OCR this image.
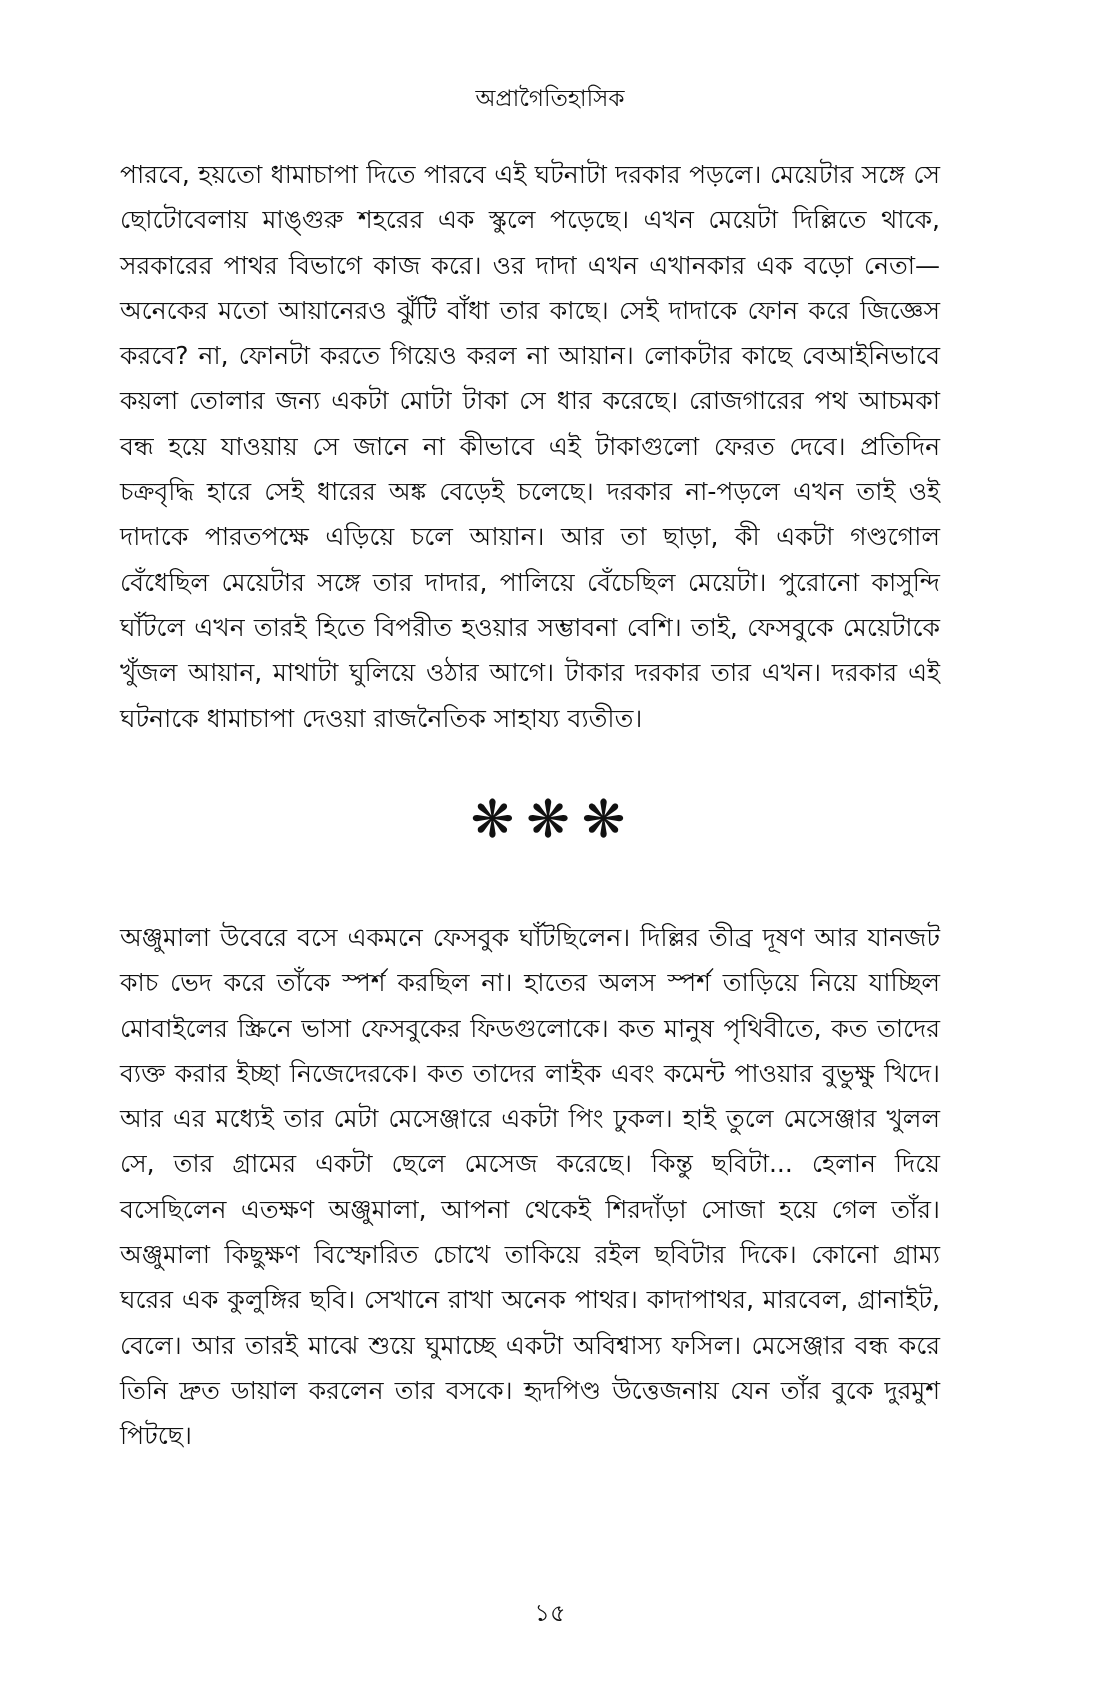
অপ্রাগৈতিহাসিক

পারবে, হয়তো ধামাচাপা দিতে পারবে এই ঘটনাটা দরকার পড়লে। মেয়েটার সঙ্গে সে ছোটোবেলায় মাঙ্গুরু শহরের এক স্কুলে পড়েছে। এখন মেয়েটা দিল্লিতে থাকে, সরকারের পাথর বিভাগে কাজ করে। ওর দাদা এখন এখানকার এক বড়ো নেতা—অনেকের মতো আয়ানেরও ঝুঁটি বাঁধা তার কাছে। সেই দাদাকে ফোন করে জিজ্ঞেস করবে? না, ফোনটা করতে গিয়েও করল না আয়ান। লোকটার কাছে বেআইনিভাবে কয়লা তোলার জন্য একটা মোটা টাকা সে ধার করেছে। রোজগারের পথ আচমকা বন্ধ হয়ে যাওয়ায় সে জানে না কীভাবে এই টাকাগুলো ফেরত দেবে। প্রতিদিন চক্রবৃদ্ধি হারে সেই ধারের অঙ্ক বেড়েই চলেছে। দরকার না-পড়লে এখন তাই ওই দাদাকে পারতপক্ষে এড়িয়ে চলে আয়ান। আর তা ছাড়া, কী একটা গণ্ডগোল বেঁধেছিল মেয়েটার সঙ্গে তার দাদার, পালিয়ে বেঁচেছিল মেয়েটা। পুরোনো কাসুন্দি ঘাঁটলে এখন তারই হিতে বিপরীত হওয়ার সম্ভাবনা বেশি। তাই, ফেসবুকে মেয়েটাকে খুঁজল আয়ান, মাথাটা ঘুলিয়ে ওঠার আগে। টাকার দরকার তার এখন। দরকার এই ঘটনাকে ধামাচাপা দেওয়া রাজনৈতিক সাহায্য ব্যতীত।

❋ ❋ ❋

অঞ্জুমালা উবেরে বসে একমনে ফেসবুক ঘাঁটছিলেন। দিল্লির তীব্র দূষণ আর যানজট কাচ ভেদ করে তাঁকে স্পর্শ করছিল না। হাতের অলস স্পর্শ তাড়িয়ে নিয়ে যাচ্ছিল মোবাইলের স্ক্রিনে ভাসা ফেসবুকের ফিডগুলোকে। কত মানুষ পৃথিবীতে, কত তাদের ব্যক্ত করার ইচ্ছা নিজেদেরকে। কত তাদের লাইক এবং কমেন্ট পাওয়ার বুভুক্ষু খিদে। আর এর মধ্যেই তার মেটা মেসেঞ্জারে একটা পিং ঢুকল। হাই তুলে মেসেঞ্জার খুলল সে, তার গ্রামের একটা ছেলে মেসেজ করেছে। কিন্তু ছবিটা... হেলান দিয়ে বসেছিলেন এতক্ষণ অঞ্জুমালা, আপনা থেকেই শিরদাঁড়া সোজা হয়ে গেল তাঁর। অঞ্জুমালা কিছুক্ষণ বিস্ফোরিত চোখে তাকিয়ে রইল ছবিটার দিকে। কোনো গ্রাম্য ঘরের এক কুলুঙ্গির ছবি। সেখানে রাখা অনেক পাথর। কাদাপাথর, মারবেল, গ্রানাইট, বেলে। আর তারই মাঝে শুয়ে ঘুমাচ্ছে একটা অবিশ্বাস্য ফসিল। মেসেঞ্জার বন্ধ করে তিনি দ্রুত ডায়াল করলেন তার বসকে। হৃদপিণ্ড উত্তেজনায় যেন তাঁর বুকে দুরমুশ পিটছে।

১৫
